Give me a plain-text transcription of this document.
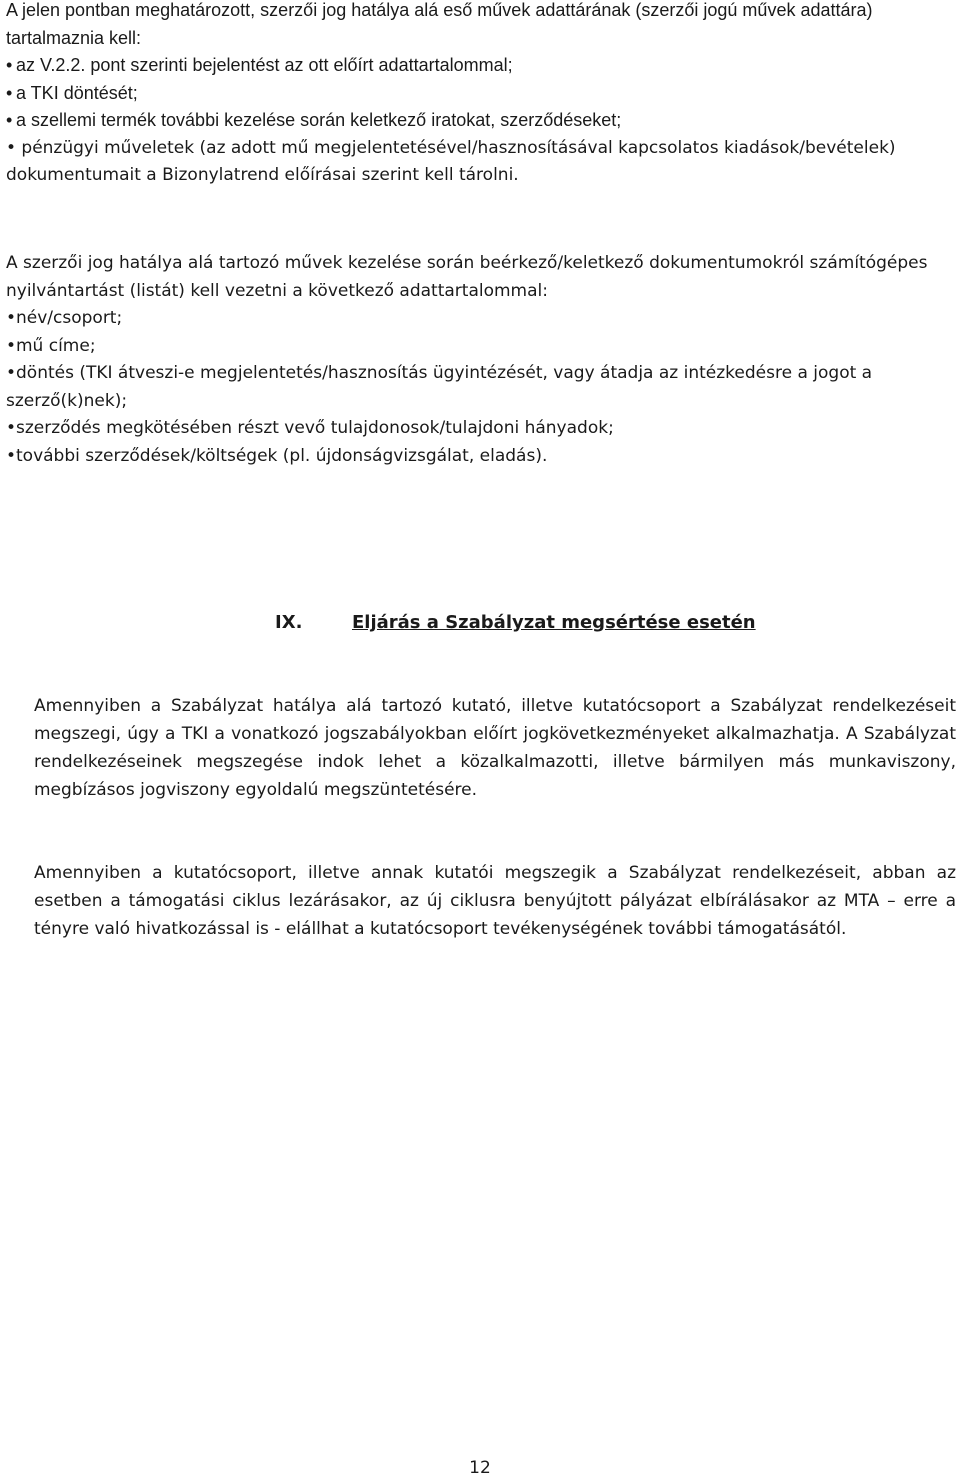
A jelen pontban meghatározott, szerzői jog hatálya alá eső művek adattárának (szerzői jogú művek adattára) tartalmaznia kell:

• az V.2.2. pont szerinti bejelentést az ott előírt adattartalommal;

• a TKI döntését;

• a szellemi termék további kezelése során keletkező iratokat, szerződéseket;

• pénzügyi műveletek (az adott mű megjelentetésével/hasznosításával kapcsolatos kiadások/bevételek) dokumentumait a Bizonylatrend előírásai szerint kell tárolni.

A szerzői jog hatálya alá tartozó művek kezelése során beérkező/keletkező dokumentumokról számítógépes nyilvántartást (listát) kell vezetni a következő adattartalommal:

• név/csoport;

• mű címe;

• döntés (TKI átveszi-e megjelentetés/hasznosítás ügyintézését, vagy átadja az intézkedésre a jogot a szerző(k)nek);

• szerződés megkötésében részt vevő tulajdonosok/tulajdoni hányadok;

• további szerződések/költségek (pl. újdonságvizsgálat, eladás).

IX.	Eljárás a Szabályzat megsértése esetén

Amennyiben a Szabályzat hatálya alá tartozó kutató, illetve kutatócsoport a Szabályzat rendelkezéseit megszegi, úgy a TKI a vonatkozó jogszabályokban előírt jogkövetkezményeket alkalmazhatja. A Szabályzat rendelkezéseinek megszegése indok lehet a közalkalmazotti, illetve bármilyen más munkaviszony, megbízásos jogviszony egyoldalú megszüntetésére.

Amennyiben a kutatócsoport, illetve annak kutatói megszegik a Szabályzat rendelkezéseit, abban az esetben a támogatási ciklus lezárásakor, az új ciklusra benyújtott pályázat elbírálásakor az MTA – erre a tényre való hivatkozással is - elállhat a kutatócsoport tevékenységének további támogatásától.

12
